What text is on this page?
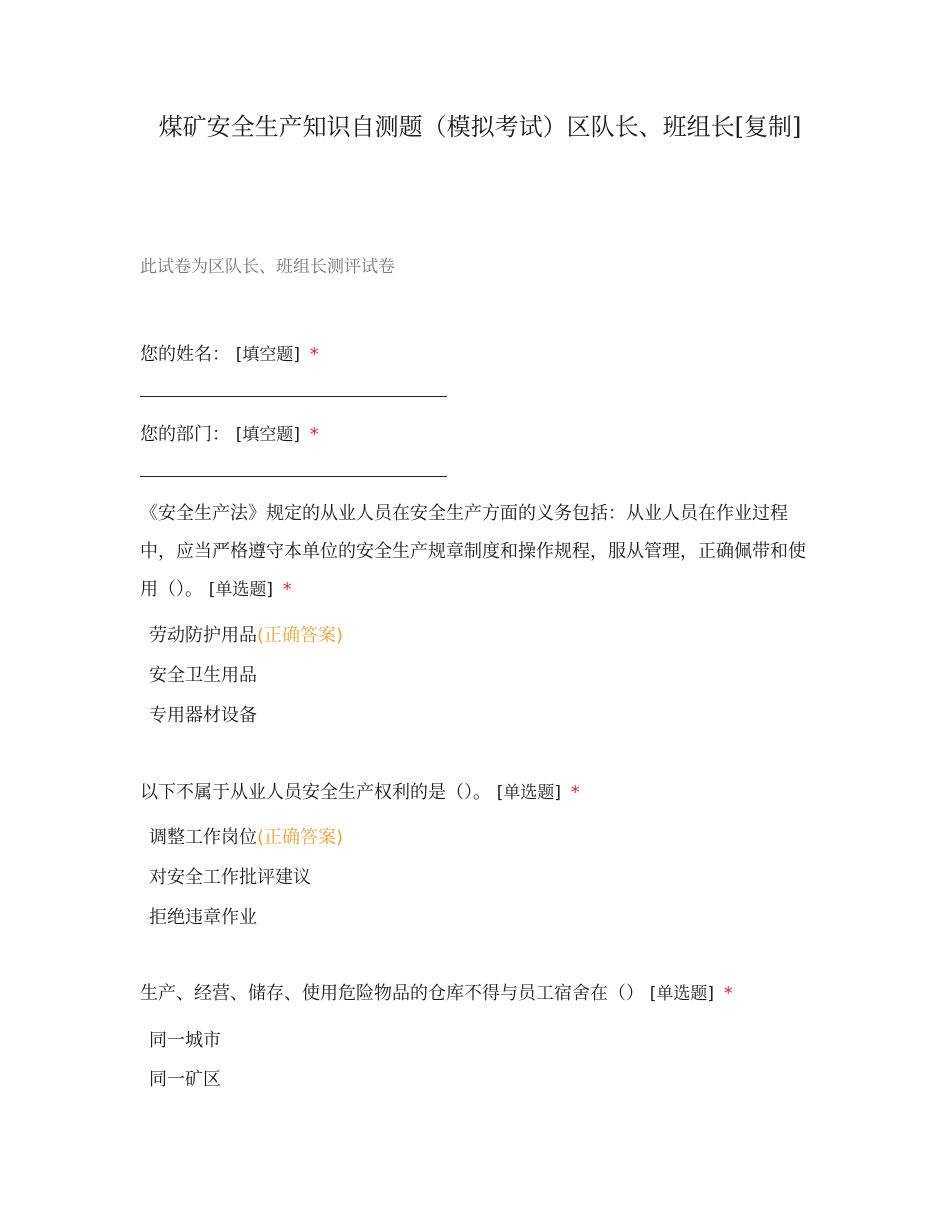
煤矿安全生产知识自测题（模拟考试）区队长、班组长[复制]
此试卷为区队长、班组长测评试卷
您的姓名： [填空题] *
您的部门： [填空题] *
《安全生产法》规定的从业人员在安全生产方面的义务包括：从业人员在作业过程中，应当严格遵守本单位的安全生产规章制度和操作规程，服从管理，正确佩带和使用（）。 [单选题] *
劳动防护用品(正确答案)
安全卫生用品
专用器材设备
以下不属于从业人员安全生产权利的是（）。 [单选题] *
调整工作岗位(正确答案)
对安全工作批评建议
拒绝违章作业
生产、经营、储存、使用危险物品的仓库不得与员工宿舍在（） [单选题] *
同一城市
同一矿区
